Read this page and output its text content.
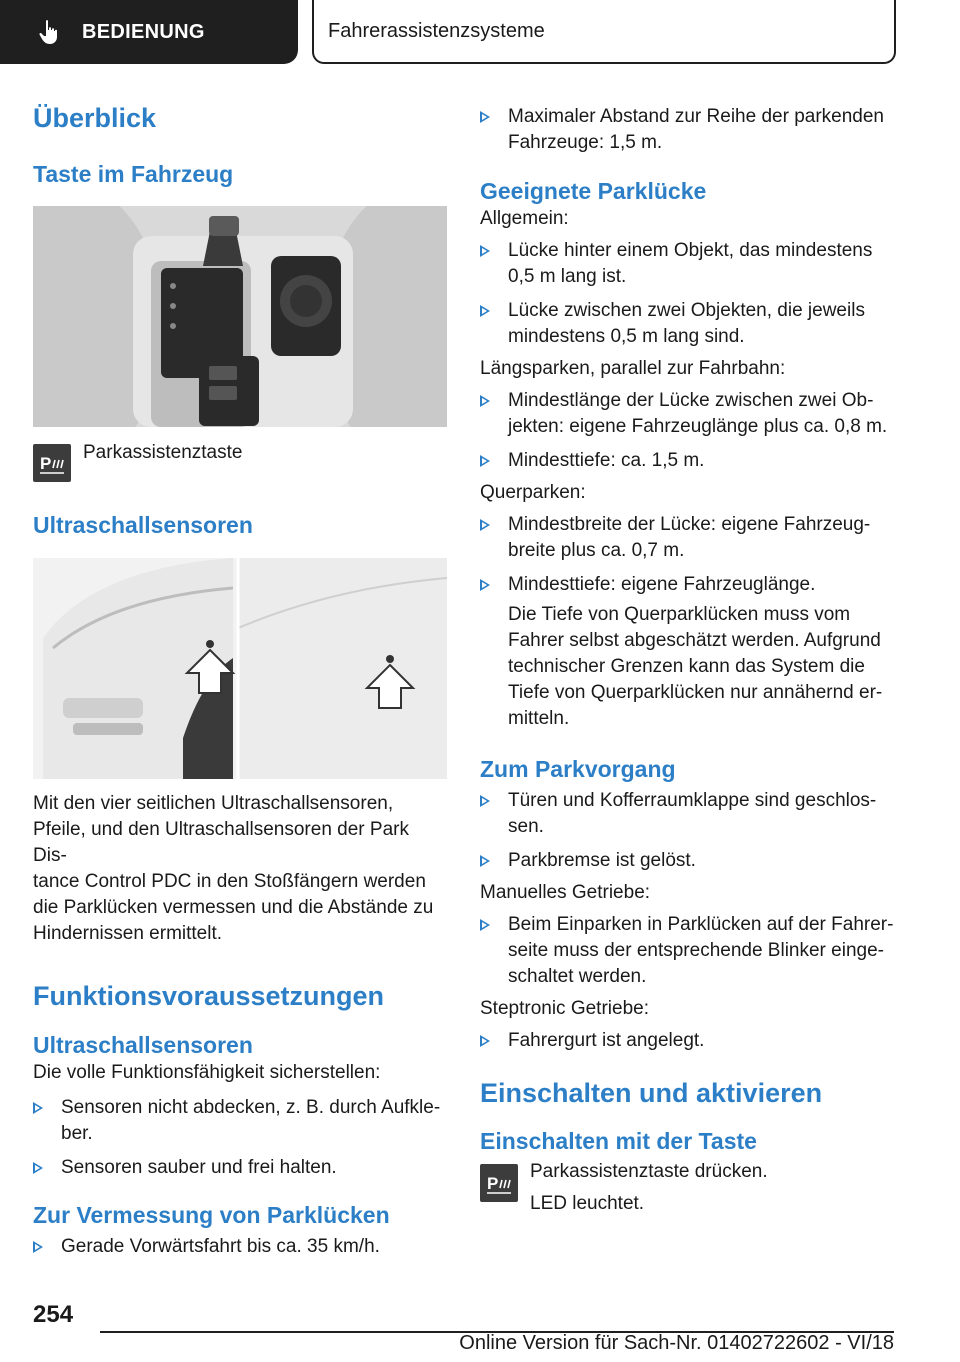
BEDIENUNG	Fahrerassistenzsysteme
Überblick
Taste im Fahrzeug
P
Parkassistenztaste
Ultraschallsensoren
Mit den vier seitlichen Ultraschallsensoren,
Pfeile, und den Ultraschallsensoren der Park Dis-
tance Control PDC in den Stoßfängern werden
die Parklücken vermessen und die Abstände zu
Hindernissen ermittelt.
Funktionsvoraussetzungen
Ultraschallsensoren
Die volle Funktionsfähigkeit sicherstellen:
Sensoren nicht abdecken, z. B. durch Aufkle-
ber.
Sensoren sauber und frei halten.
Zur Vermessung von Parklücken
Gerade Vorwärtsfahrt bis ca. 35 km/h.
Maximaler Abstand zur Reihe der parkenden
Fahrzeuge: 1,5 m.
Geeignete Parklücke
Allgemein:
Lücke hinter einem Objekt, das mindestens
0,5 m lang ist.
Lücke zwischen zwei Objekten, die jeweils
mindestens 0,5 m lang sind.
Längsparken, parallel zur Fahrbahn:
Mindestlänge der Lücke zwischen zwei Ob-
jekten: eigene Fahrzeuglänge plus ca. 0,8 m.
Mindesttiefe: ca. 1,5 m.
Querparken:
Mindestbreite der Lücke: eigene Fahrzeug-
breite plus ca. 0,7 m.
Mindesttiefe: eigene Fahrzeuglänge.
Die Tiefe von Querparklücken muss vom
Fahrer selbst abgeschätzt werden. Aufgrund
technischer Grenzen kann das System die
Tiefe von Querparklücken nur annähernd er-
mitteln.
Zum Parkvorgang
Türen und Kofferraumklappe sind geschlos-
sen.
Parkbremse ist gelöst.
Manuelles Getriebe:
Beim Einparken in Parklücken auf der Fahrer-
seite muss der entsprechende Blinker einge-
schaltet werden.
Steptronic Getriebe:
Fahrergurt ist angelegt.
Einschalten und aktivieren
Einschalten mit der Taste
P
Parkassistenztaste drücken.
LED leuchtet.
254
Online Version für Sach-Nr. 01402722602 - VI/18
